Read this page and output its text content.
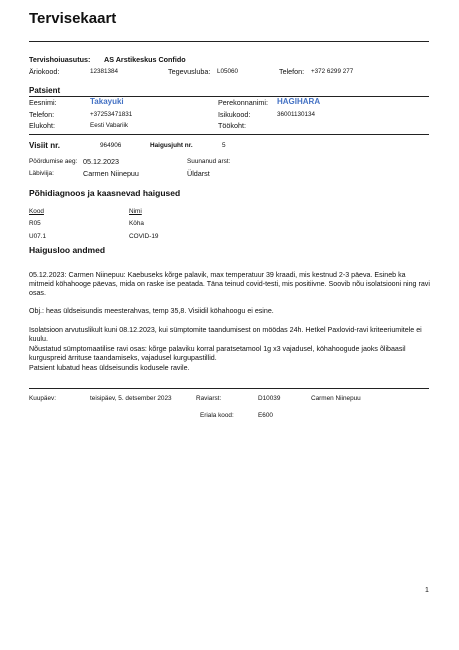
Tervisekaart
Tervishoiuasutus: AS Arstikeskus Confido
Äriokood:	12381384	Tegevusluba: L05060	Telefon: +372 6299 277
Patsient
Eesnimi:	Takayuki	Perekonnanimi: HAGIHARA
Telefon:	+37253471831	Isikukood:	36001130134
Elukoht:	Eesti Vabariik	Töökoht:
Visiit nr.	964906	Haigusjuht nr.	5
Pöördumise aeg: 05.12.2023	Suunanud arst:
Läbiviija:	Carmen Niinepuu	Üldarst
Põhidiagnoos ja kaasnevad haigused
Kood	Nimi
R05	Köha
U07.1	COVID-19
Haigusloo andmed
05.12.2023: Carmen Niinepuu: Kaebuseks kõrge palavik, max temperatuur 39 kraadi, mis kestnud 2-3 päeva. Esineb ka mitmeid köhahooge päevas, mida on raske ise peatada. Täna teinud covid-testi, mis positiivne. Soovib nõu isolatsiooni ning ravi osas.
Obj.: heas üldseisundis meesterahvas, temp 35,8. Visiidil köhahoogu ei esine.
Isolatsioon arvutuslikult kuni 08.12.2023, kui sümptomite taandumisest on möödas 24h. Hetkel Paxlovid-ravi kriteeriumitele ei kuulu.
Nõustatud sümptomaatilise ravi osas: kõrge palaviku korral paratsetamool 1g x3 vajadusel, köhahoogude jaoks õlibaasil kurguspreid ärrituse taandamiseks, vajadusel kurgupastillid.
Patsient lubatud heas üldseisundis kodusele ravile.
Kuupäev:	teisipäev, 5. detsember 2023	Raviarst:	D10039	Carmen Niinepuu
Eriala kood:	E600
1
